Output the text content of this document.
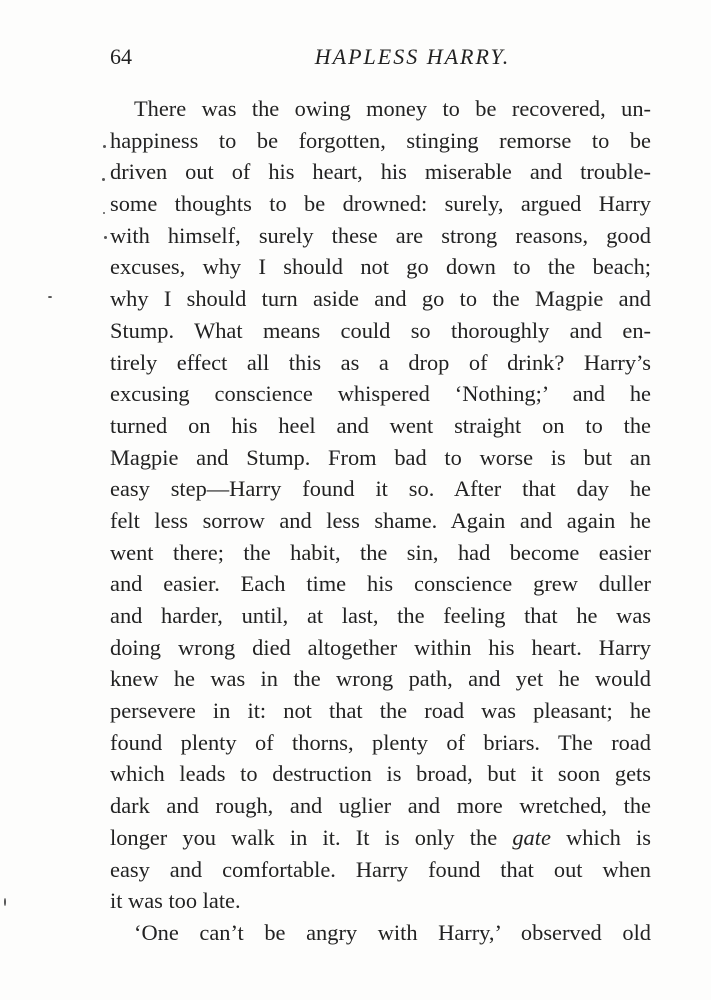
64	HAPLESS HARRY.
There was the owing money to be recovered, un-
happiness to be forgotten, stinging remorse to be
driven out of his heart, his miserable and trouble-
some thoughts to be drowned: surely, argued Harry
with himself, surely these are strong reasons, good
excuses, why I should not go down to the beach;
why I should turn aside and go to the Magpie and
Stump. What means could so thoroughly and en-
tirely effect all this as a drop of drink? Harry’s
excusing conscience whispered ‘Nothing;’ and he
turned on his heel and went straight on to the
Magpie and Stump. From bad to worse is but an
easy step—Harry found it so. After that day he
felt less sorrow and less shame. Again and again he
went there; the habit, the sin, had become easier
and easier. Each time his conscience grew duller
and harder, until, at last, the feeling that he was
doing wrong died altogether within his heart. Harry
knew he was in the wrong path, and yet he would
persevere in it: not that the road was pleasant; he
found plenty of thorns, plenty of briars. The road
which leads to destruction is broad, but it soon gets
dark and rough, and uglier and more wretched, the
longer you walk in it. It is only the gate which is
easy and comfortable. Harry found that out when
it was too late.
‘One can’t be angry with Harry,’ observed old
